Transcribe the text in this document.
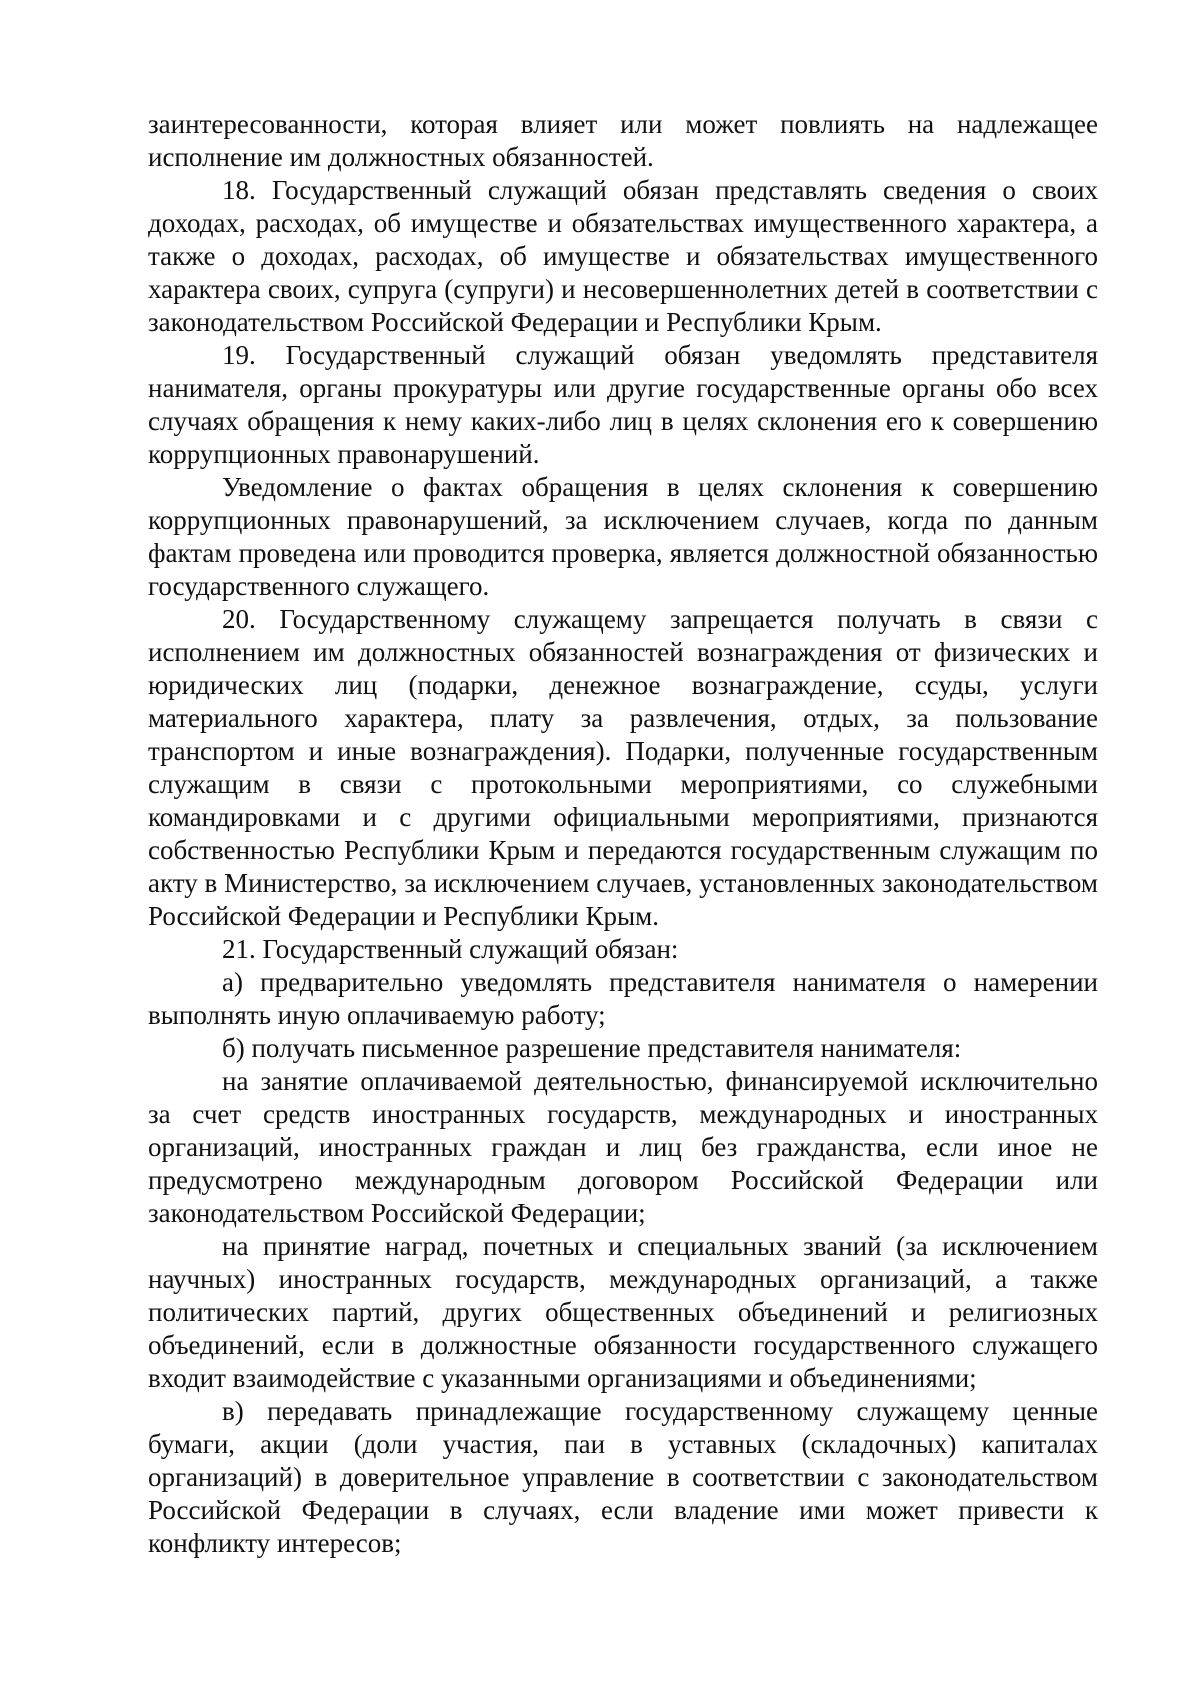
заинтересованности, которая влияет или может повлиять на надлежащее исполнение им должностных обязанностей.

18. Государственный служащий обязан представлять сведения о своих доходах, расходах, об имуществе и обязательствах имущественного характера, а также о доходах, расходах, об имуществе и обязательствах имущественного характера своих, супруга (супруги) и несовершеннолетних детей в соответствии с законодательством Российской Федерации и Республики Крым.

19. Государственный служащий обязан уведомлять представителя нанимателя, органы прокуратуры или другие государственные органы обо всех случаях обращения к нему каких-либо лиц в целях склонения его к совершению коррупционных правонарушений.

Уведомление о фактах обращения в целях склонения к совершению коррупционных правонарушений, за исключением случаев, когда по данным фактам проведена или проводится проверка, является должностной обязанностью государственного служащего.

20. Государственному служащему запрещается получать в связи с исполнением им должностных обязанностей вознаграждения от физических и юридических лиц (подарки, денежное вознаграждение, ссуды, услуги материального характера, плату за развлечения, отдых, за пользование транспортом и иные вознаграждения). Подарки, полученные государственным служащим в связи с протокольными мероприятиями, со служебными командировками и с другими официальными мероприятиями, признаются собственностью Республики Крым и передаются государственным служащим по акту в Министерство, за исключением случаев, установленных законодательством Российской Федерации и Республики Крым.

21. Государственный служащий обязан:

а) предварительно уведомлять представителя нанимателя о намерении выполнять иную оплачиваемую работу;

б) получать письменное разрешение представителя нанимателя:

на занятие оплачиваемой деятельностью, финансируемой исключительно за счет средств иностранных государств, международных и иностранных организаций, иностранных граждан и лиц без гражданства, если иное не предусмотрено международным договором Российской Федерации или законодательством Российской Федерации;

на принятие наград, почетных и специальных званий (за исключением научных) иностранных государств, международных организаций, а также политических партий, других общественных объединений и религиозных объединений, если в должностные обязанности государственного служащего входит взаимодействие с указанными организациями и объединениями;

в) передавать принадлежащие государственному служащему ценные бумаги, акции (доли участия, паи в уставных (складочных) капиталах организаций) в доверительное управление в соответствии с законодательством Российской Федерации в случаях, если владение ими может привести к конфликту интересов;
